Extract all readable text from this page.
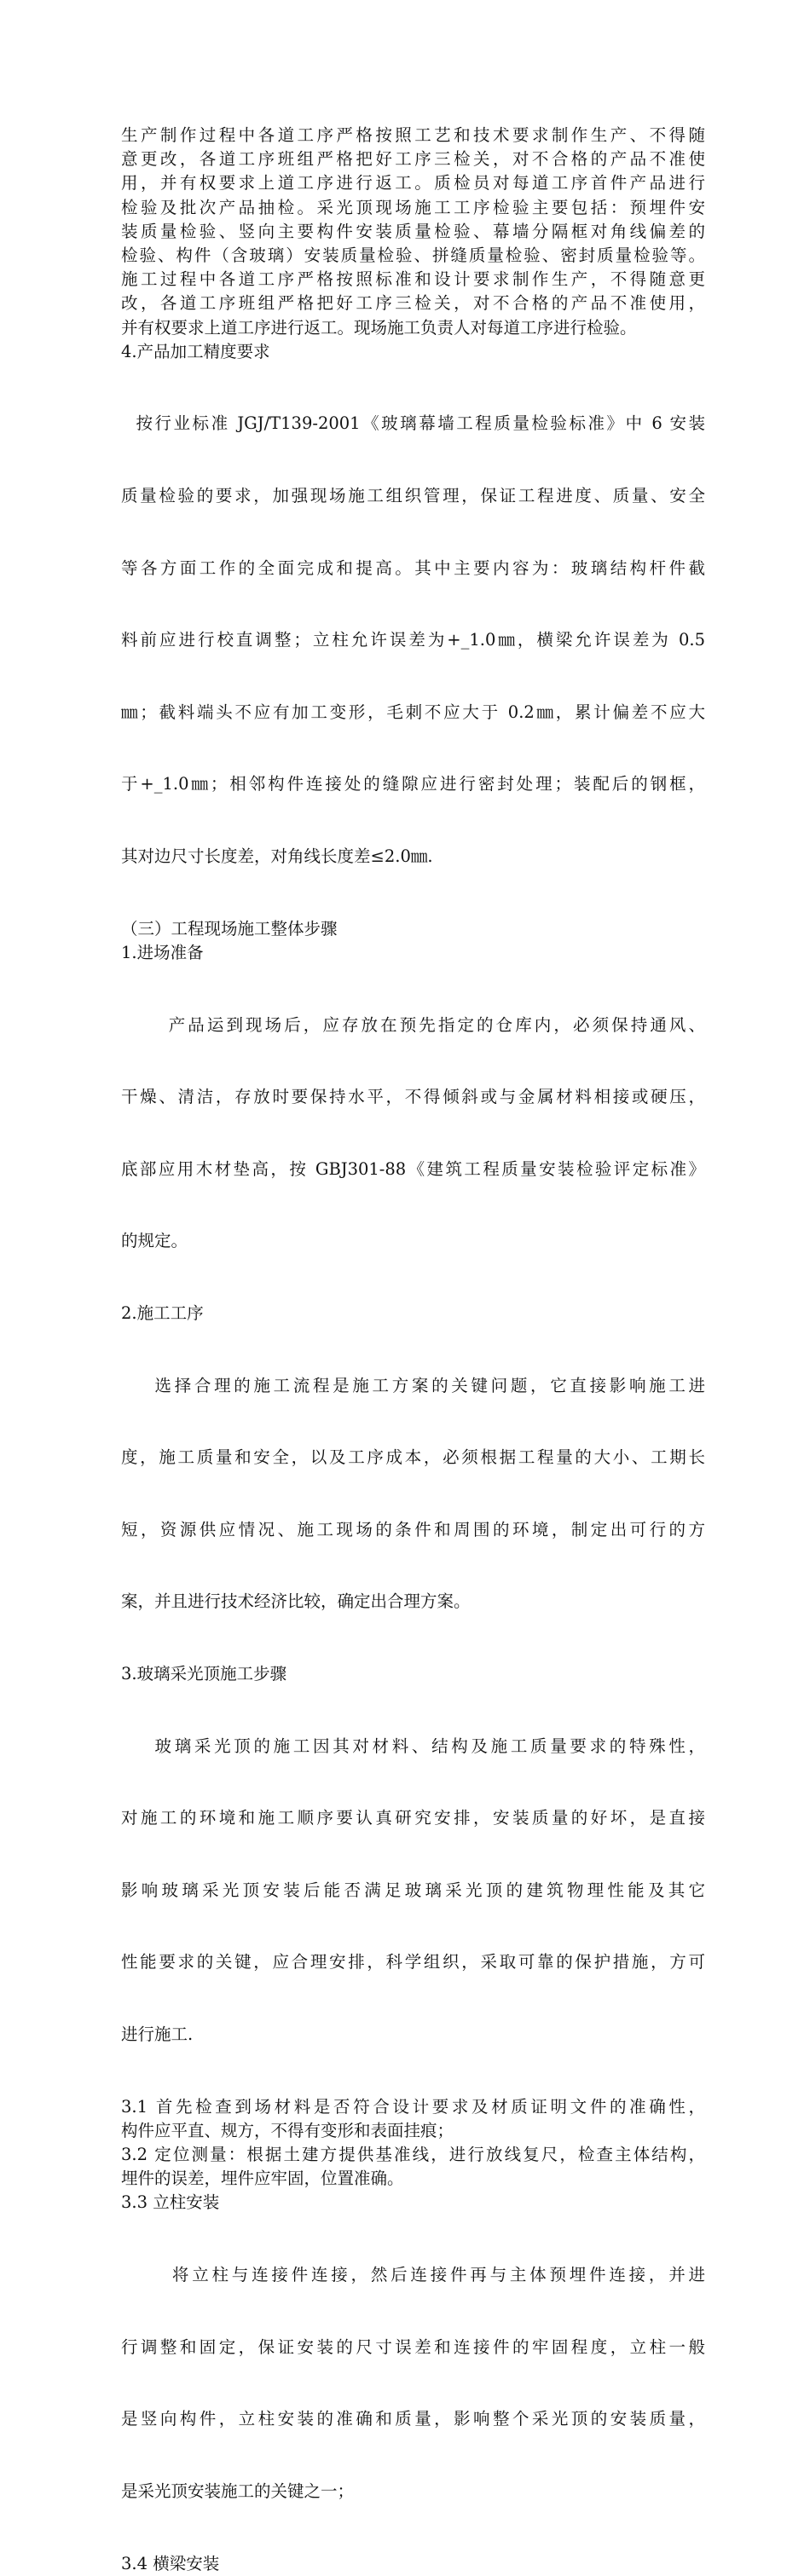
生产制作过程中各道工序严格按照工艺和技术要求制作生产、不得随
意更改，各道工序班组严格把好工序三检关，对不合格的产品不准使
用，并有权要求上道工序进行返工。质检员对每道工序首件产品进行
检验及批次产品抽检。采光顶现场施工工序检验主要包括：预埋件安
装质量检验、竖向主要构件安装质量检验、幕墙分隔框对角线偏差的
检验、构件（含玻璃）安装质量检验、拼缝质量检验、密封质量检验等。
施工过程中各道工序严格按照标准和设计要求制作生产，不得随意更
改，各道工序班组严格把好工序三检关，对不合格的产品不准使用，
并有权要求上道工序进行返工。现场施工负责人对每道工序进行检验。

4.产品加工精度要求

按行业标准 JGJ/T139-2001《玻璃幕墙工程质量检验标准》中 6 安装

质量检验的要求，加强现场施工组织管理，保证工程进度、质量、安全

等各方面工作的全面完成和提高。其中主要内容为：玻璃结构杆件截

料前应进行校直调整；立柱允许误差为+_1.0㎜，横梁允许误差为 0.5

㎜；截料端头不应有加工变形，毛刺不应大于 0.2㎜，累计偏差不应大

于+_1.0㎜；相邻构件连接处的缝隙应进行密封处理；装配后的钢框，

其对边尺寸长度差，对角线长度差≤2.0㎜.

（三）工程现场施工整体步骤

1.进场准备

产品运到现场后，应存放在预先指定的仓库内，必须保持通风、

干燥、清洁，存放时要保持水平，不得倾斜或与金属材料相接或硬压，

底部应用木材垫高，按 GBJ301-88《建筑工程质量安装检验评定标准》

的规定。

2.施工工序

选择合理的施工流程是施工方案的关键问题，它直接影响施工进

度，施工质量和安全，以及工序成本，必须根据工程量的大小、工期长

短，资源供应情况、施工现场的条件和周围的环境，制定出可行的方

案，并且进行技术经济比较，确定出合理方案。

3.玻璃采光顶施工步骤

玻璃采光顶的施工因其对材料、结构及施工质量要求的特殊性，

对施工的环境和施工顺序要认真研究安排，安装质量的好坏，是直接

影响玻璃采光顶安装后能否满足玻璃采光顶的建筑物理性能及其它

性能要求的关键，应合理安排，科学组织，采取可靠的保护措施，方可

进行施工.

3.1 首先检查到场材料是否符合设计要求及材质证明文件的准确性，
构件应平直、规方，不得有变形和表面挂痕；

3.2 定位测量：根据土建方提供基准线，进行放线复尺，检查主体结构，
埋件的误差，埋件应牢固，位置准确。

3.3 立柱安装

将立柱与连接件连接，然后连接件再与主体预埋件连接，并进

行调整和固定，保证安装的尺寸误差和连接件的牢固程度，立柱一般

是竖向构件，立柱安装的准确和质量，影响整个采光顶的安装质量，

是采光顶安装施工的关键之一；

3.4 横梁安装
